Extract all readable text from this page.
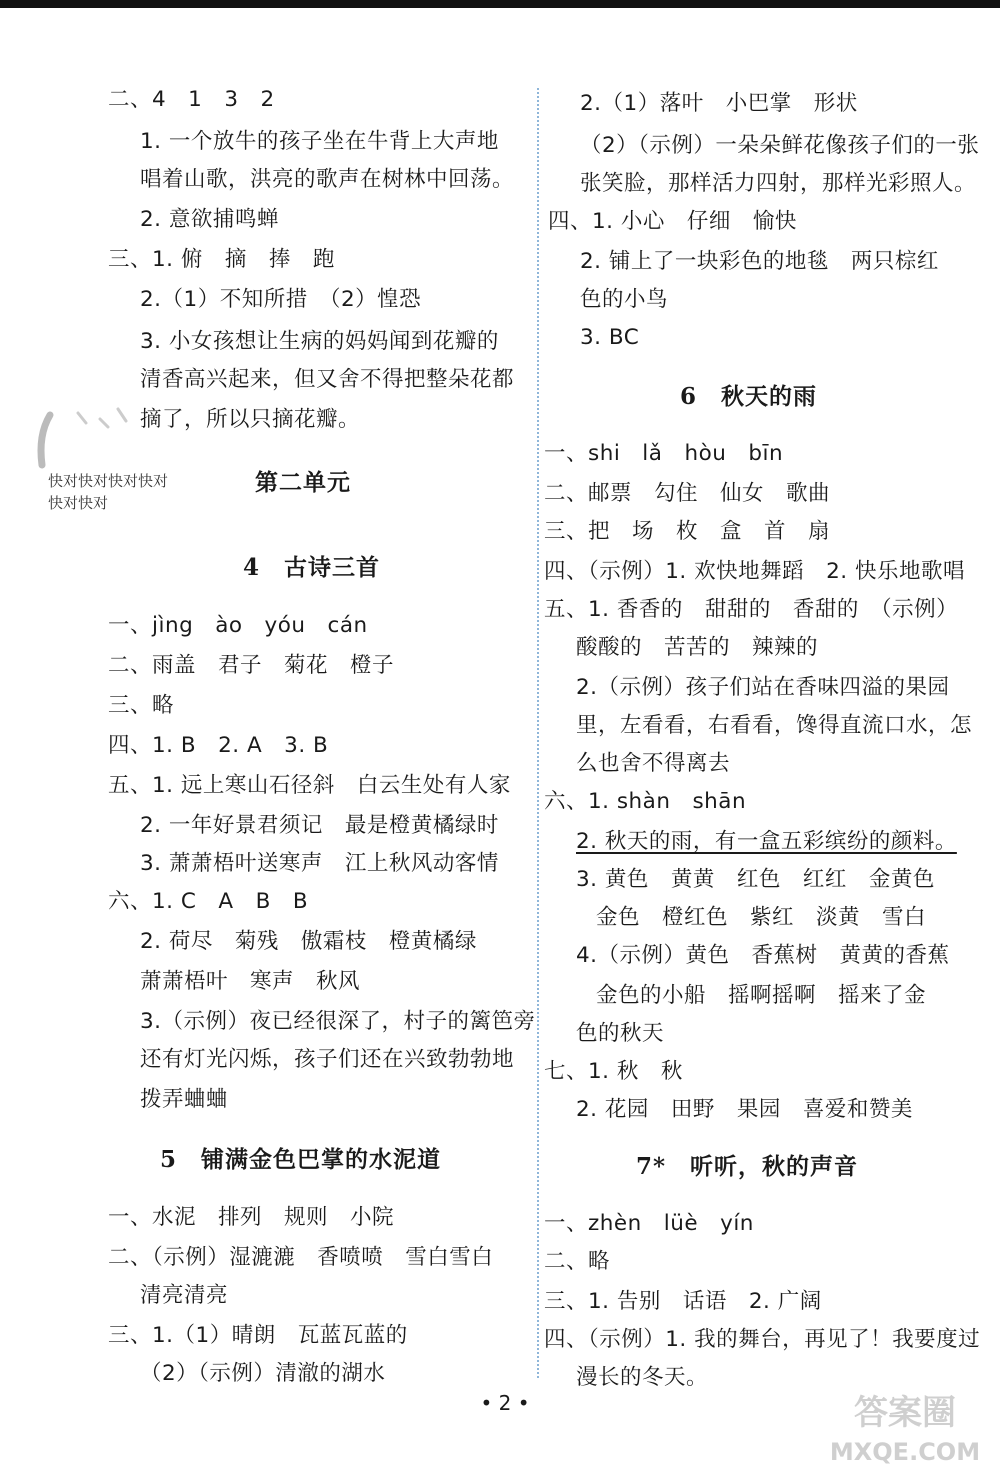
二、4　1　3　2
1. 一个放牛的孩子坐在牛背上大声地
唱着山歌，洪亮的歌声在树林中回荡。
2. 意欲捕鸣蝉
三、1. 俯　摘　捧　跑
2.（1）不知所措　（2）惶恐
3. 小女孩想让生病的妈妈闻到花瓣的
清香高兴起来，但又舍不得把整朵花都
摘了，所以只摘花瓣。
快对快对快对快对快对快对
第二单元
4　古诗三首
一、jìng　ào　yóu　cán
二、雨盖　君子　菊花　橙子
三、略
四、1. B　2. A　3. B
五、1. 远上寒山石径斜　白云生处有人家
2. 一年好景君须记　最是橙黄橘绿时
3. 萧萧梧叶送寒声　江上秋风动客情
六、1. C　A　B　B
2. 荷尽　菊残　傲霜枝　橙黄橘绿
萧萧梧叶　寒声　秋风
3.（示例）夜已经很深了，村子的篱笆旁
还有灯光闪烁，孩子们还在兴致勃勃地
拨弄蛐蛐
5　铺满金色巴掌的水泥道
一、水泥　排列　规则　小院
二、（示例）湿漉漉　香喷喷　雪白雪白
清亮清亮
三、1.（1）晴朗　瓦蓝瓦蓝的
（2）（示例）清澈的湖水
2.（1）落叶　小巴掌　形状
（2）（示例）一朵朵鲜花像孩子们的一张
张笑脸，那样活力四射，那样光彩照人。
四、1. 小心　仔细　愉快
2. 铺上了一块彩色的地毯　两只棕红
色的小鸟
3. BC
6　秋天的雨
一、shi　lǎ　hòu　bīn
二、邮票　勾住　仙女　歌曲
三、把　场　枚　盒　首　扇
四、（示例）1. 欢快地舞蹈　2. 快乐地歌唱
五、1. 香香的　甜甜的　香甜的　（示例）
酸酸的　苦苦的　辣辣的
2.（示例）孩子们站在香味四溢的果园
里，左看看，右看看，馋得直流口水，怎
么也舍不得离去
六、1. shàn　shān
2. 秋天的雨，有一盒五彩缤纷的颜料。
3. 黄色　黄黄　红色　红红　金黄色
金色　橙红色　紫红　淡黄　雪白
4.（示例）黄色　香蕉树　黄黄的香蕉
金色的小船　摇啊摇啊　摇来了金
色的秋天
七、1. 秋　秋
2. 花园　田野　果园　喜爱和赞美
7*　听听，秋的声音
一、zhèn　lüè　yín
二、略
三、1. 告别　话语　2. 广阔
四、（示例）1. 我的舞台，再见了！我要度过
漫长的冬天。
• 2 •	答案圈
MXQE.COM
